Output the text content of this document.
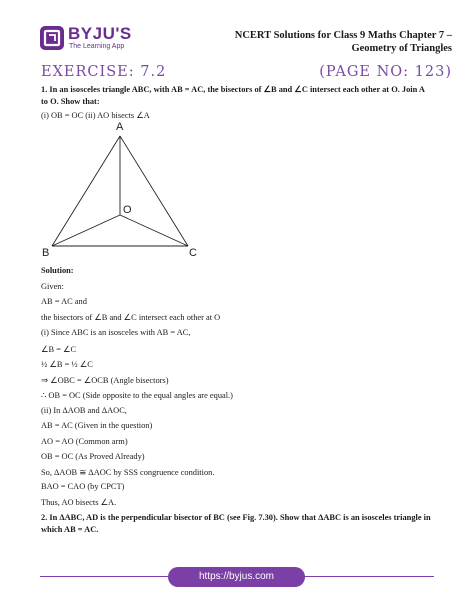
BYJU'S
The Learning App
NCERT Solutions for Class 9 Maths Chapter 7 –
Geometry of Triangles
EXERCISE: 7.2	(PAGE NO: 123)
1. In an isosceles triangle ABC, with AB = AC, the bisectors of ∠B and ∠C intersect each other at O. Join A to O. Show that:
(i) OB = OC (ii) AO bisects ∠A
A
B	C
O
Solution:
Given:
AB = AC and
the bisectors of ∠B and ∠C intersect each other at O
(i) Since ABC is an isosceles with AB = AC,
∠B = ∠C
½ ∠B = ½ ∠C
⇒ ∠OBC = ∠OCB (Angle bisectors)
∴ OB = OC (Side opposite to the equal angles are equal.)
(ii) In ΔAOB and ΔAOC,
AB = AC (Given in the question)
AO = AO (Common arm)
OB = OC (As Proved Already)
So, ΔAOB ≅ ΔAOC by SSS congruence condition.
BAO = CAO (by CPCT)
Thus, AO bisects ∠A.
2. In ΔABC, AD is the perpendicular bisector of BC (see Fig. 7.30). Show that ΔABC is an isosceles triangle in which AB = AC.
https://byjus.com
